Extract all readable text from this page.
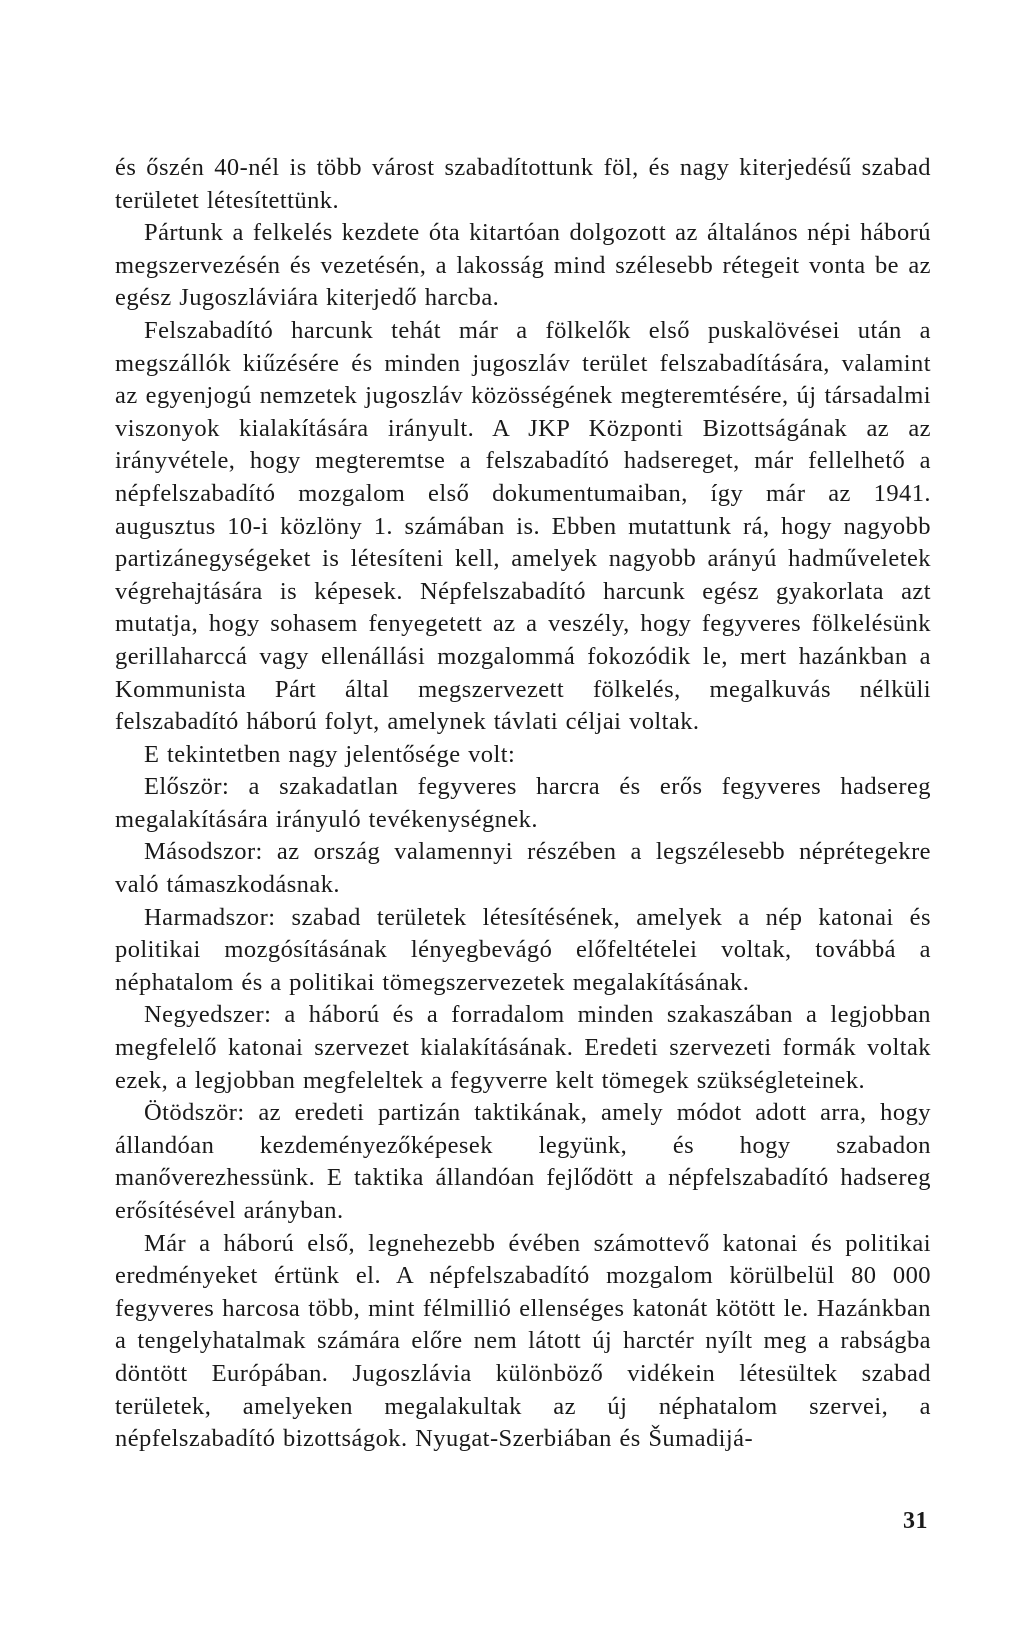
és őszén 40-nél is több várost szabadítottunk föl, és nagy kiterjedésű szabad területet létesítettünk.

Pártunk a felkelés kezdete óta kitartóan dolgozott az általános népi háború megszervezésén és vezetésén, a lakosság mind szélesebb rétegeit vonta be az egész Jugoszláviára kiterjedő harcba.

Felszabadító harcunk tehát már a fölkelők első puskalövései után a megszállók kiűzésére és minden jugoszláv terület felszabadítására, valamint az egyenjogú nemzetek jugoszláv közösségének megteremtésére, új társadalmi viszonyok kialakítására irányult. A JKP Központi Bizottságának az az irányvétele, hogy megteremtse a felszabadító hadsereget, már fellelhető a népfelszabadító mozgalom első dokumentumaiban, így már az 1941. augusztus 10-i közlöny 1. számában is. Ebben mutattunk rá, hogy nagyobb partizánegységeket is létesíteni kell, amelyek nagyobb arányú hadműveletek végrehajtására is képesek. Népfelszabadító harcunk egész gyakorlata azt mutatja, hogy sohasem fenyegetett az a veszély, hogy fegyveres fölkelésünk gerillaharccá vagy ellenállási mozgalommá fokozódik le, mert hazánkban a Kommunista Párt által megszervezett fölkelés, megalkuvás nélküli felszabadító háború folyt, amelynek távlati céljai voltak.

E tekintetben nagy jelentősége volt:

Először: a szakadatlan fegyveres harcra és erős fegyveres hadsereg megalakítására irányuló tevékenységnek.

Másodszor: az ország valamennyi részében a legszélesebb néprétegekre való támaszkodásnak.

Harmadszor: szabad területek létesítésének, amelyek a nép katonai és politikai mozgósításának lényegbevágó előfeltételei voltak, továbbá a néphatalom és a politikai tömegszervezetek megalakításának.

Negyedszer: a háború és a forradalom minden szakaszában a legjobban megfelelő katonai szervezet kialakításának. Eredeti szervezeti formák voltak ezek, a legjobban megfeleltek a fegyverre kelt tömegek szükségleteinek.

Ötödször: az eredeti partizán taktikának, amely módot adott arra, hogy állandóan kezdeményezőképesek legyünk, és hogy szabadon manőverezhessünk. E taktika állandóan fejlődött a népfelszabadító hadsereg erősítésével arányban.

Már a háború első, legnehezebb évében számottevő katonai és politikai eredményeket értünk el. A népfelszabadító mozgalom körülbelül 80 000 fegyveres harcosa több, mint félmillió ellenséges katonát kötött le. Hazánkban a tengelyhatalmak számára előre nem látott új harctér nyílt meg a rabságba döntött Európában. Jugoszlávia különböző vidékein létesültek szabad területek, amelyeken megalakultak az új néphatalom szervei, a népfelszabadító bizottságok. Nyugat-Szerbiában és Šumadijá-

31
